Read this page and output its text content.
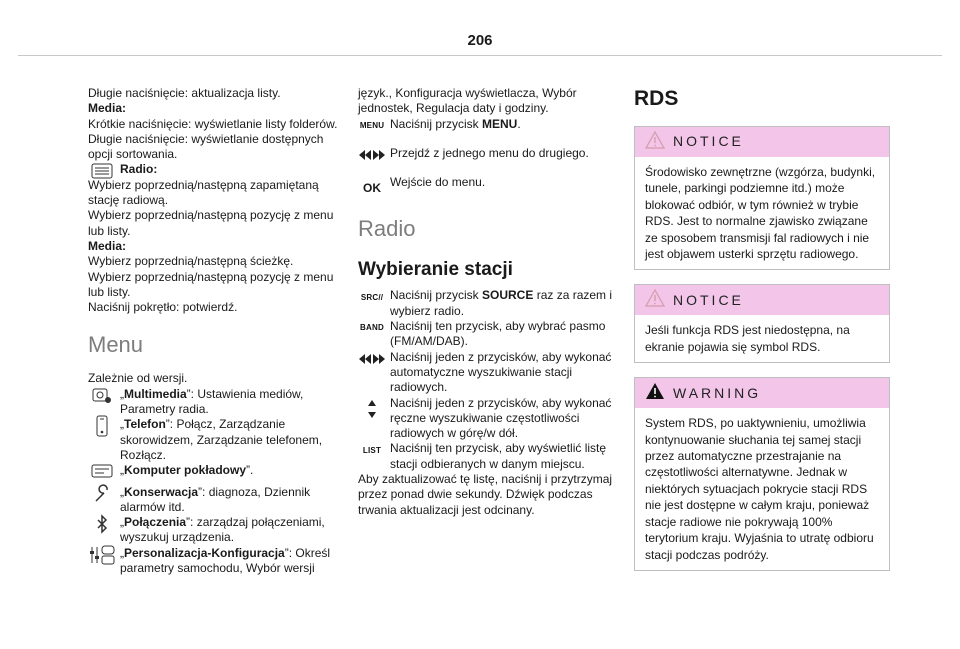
206

Długie naciśnięcie: aktualizacja listy.

Media:

Krótkie naciśnięcie: wyświetlanie listy folderów.

Długie naciśnięcie: wyświetlanie dostępnych opcji sortowania.

Radio:

Wybierz poprzednią/następną zapamiętaną stację radiową.

Wybierz poprzednią/następną pozycję z menu lub listy.

Media:

Wybierz poprzednią/następną ścieżkę.

Wybierz poprzednią/następną pozycję z menu lub listy.

Naciśnij pokrętło: potwierdź.

Menu

Zależnie od wersji.

„Multimedia”: Ustawienia mediów, Parametry radia.

„Telefon”: Połącz, Zarządzanie skorowidzem, Zarządzanie telefonem, Rozłącz.

„Komputer pokładowy”.

„Konserwacja”: diagnoza, Dziennik alarmów itd.

„Połączenia”: zarządzaj połączeniami, wyszukuj urządzenia.

„Personalizacja-Konfiguracja”: Określ parametry samochodu, Wybór wersji

język., Konfiguracja wyświetlacza, Wybór jednostek, Regulacja daty i godziny.

MENU Naciśnij przycisk MENU.

Przejdź z jednego menu do drugiego.

OK Wejście do menu.

Radio
Wybieranie stacji
SRC // Naciśnij przycisk SOURCE raz za razem i wybierz radio.

BAND Naciśnij ten przycisk, aby wybrać pasmo (FM/AM/DAB).

Naciśnij jeden z przycisków, aby wykonać automatyczne wyszukiwanie stacji radiowych.

Naciśnij jeden z przycisków, aby wykonać ręczne wyszukiwanie częstotliwości radiowych w górę/w dół.

LIST Naciśnij ten przycisk, aby wyświetlić listę stacji odbieranych w danym miejscu.

Aby zaktualizować tę listę, naciśnij i przytrzymaj przez ponad dwie sekundy. Dźwięk podczas trwania aktualizacji jest odcinany.

RDS
NOTICE
Środowisko zewnętrzne (wzgórza, budynki, tunele, parkingi podziemne itd.) może blokować odbiór, w tym również w trybie RDS. Jest to normalne zjawisko związane ze sposobem transmisji fal radiowych i nie jest objawem usterki sprzętu radiowego.
NOTICE
Jeśli funkcja RDS jest niedostępna, na ekranie pojawia się symbol RDS.
WARNING
System RDS, po uaktywnieniu, umożliwia kontynuowanie słuchania tej samej stacji przez automatyczne przestrajanie na częstotliwości alternatywne. Jednak w niektórych sytuacjach pokrycie stacji RDS nie jest dostępne w całym kraju, ponieważ stacje radiowe nie pokrywają 100% terytorium kraju. Wyjaśnia to utratę odbioru stacji podczas podróży.
